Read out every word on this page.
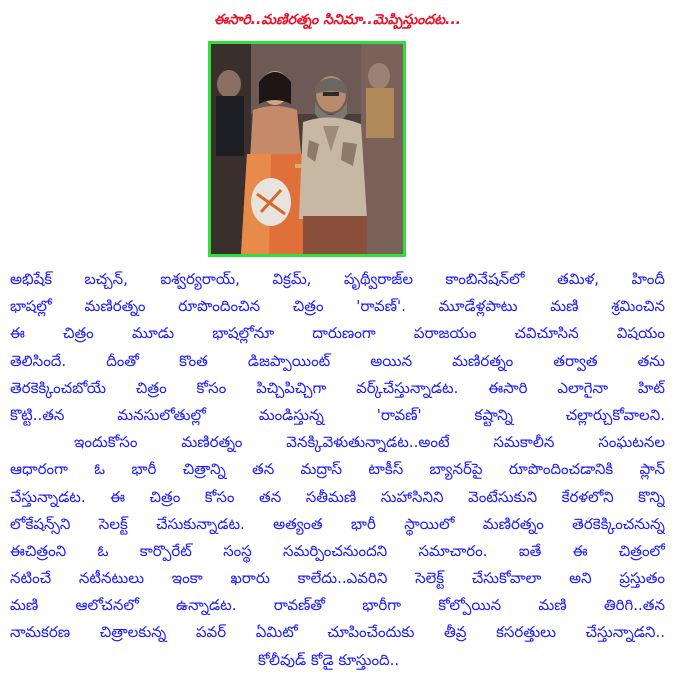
ఈసారి..మణిరత్నం సినిమా..మెప్పిస్తుందట...
అభిషేక్ బచ్చన్, ఐశ్వర్యరాయ్, విక్రమ్, పృథ్వీరాజ్‌ల కాంబినేషన్‌లో తమిళ, హిందీ
భాషల్లో మణిరత్నం రూపొందించిన చిత్రం 'రావణ్'. మూడేళ్లపాటు మణి శ్రమించిన
ఈ చిత్రం మూడు భాషల్లోనూ దారుణంగా పరాజయం చవిచూసిన విషయం
తెలిసిందే. దీంతో కొంత డిజప్పాయింట్ అయిన మణిరత్నం తర్వాత తను
తెరకెక్కించబోయే చిత్రం కోసం పిచ్చిపిచ్చిగా వర్క్‌చేస్తున్నాడట. ఈసారి ఎలాగైనా హిట్
కొట్టి..తన మనసులోతుల్లో మండిస్తున్న 'రావణ్' కష్టాన్ని చల్లార్చుకోవాలని.
ఇందుకోసం మణిరత్నం వెనక్కివెళుతున్నాడట..అంటే సమకాలీన సంఘటనల
ఆధారంగా ఓ భారీ చిత్రాన్ని తన మద్రాస్ టాకీస్ బ్యానర్‌పై రూపొందించడానికి ప్లాన్
చేస్తున్నాడట. ఈ చిత్రం కోసం తన సతీమణి సుహాసినిని వెంటేసుకుని కేరళలోని కొన్ని
లోకేషన్స్‌ని సెలక్ట్ చేసుకున్నాడట. అత్యంత భారీ స్థాయిలో మణిరత్నం తెరకెక్కించనున్న
ఈచిత్రంని ఓ కార్పొరేట్ సంస్థ సమర్పించనుందని సమాచారం. ఐతే ఈ చిత్రంలో
నటించే నటీనటులు ఇంకా ఖరారు కాలేదు..ఎవరిని సెలెక్ట్ చేసుకోవాలా అని ప్రస్తుతం
మణి ఆలోచనలో ఉన్నాడట. రావణ్‌తో భారీగా కోల్పోయిన మణి తిరిగి..తన
నామకరణ చిత్రాలకున్న పవర్ ఏమిటో చూపించేందుకు తీవ్ర కసరత్తులు చేస్తున్నాడని..
కోలీవుడ్ కోడై కూస్తుంది..
